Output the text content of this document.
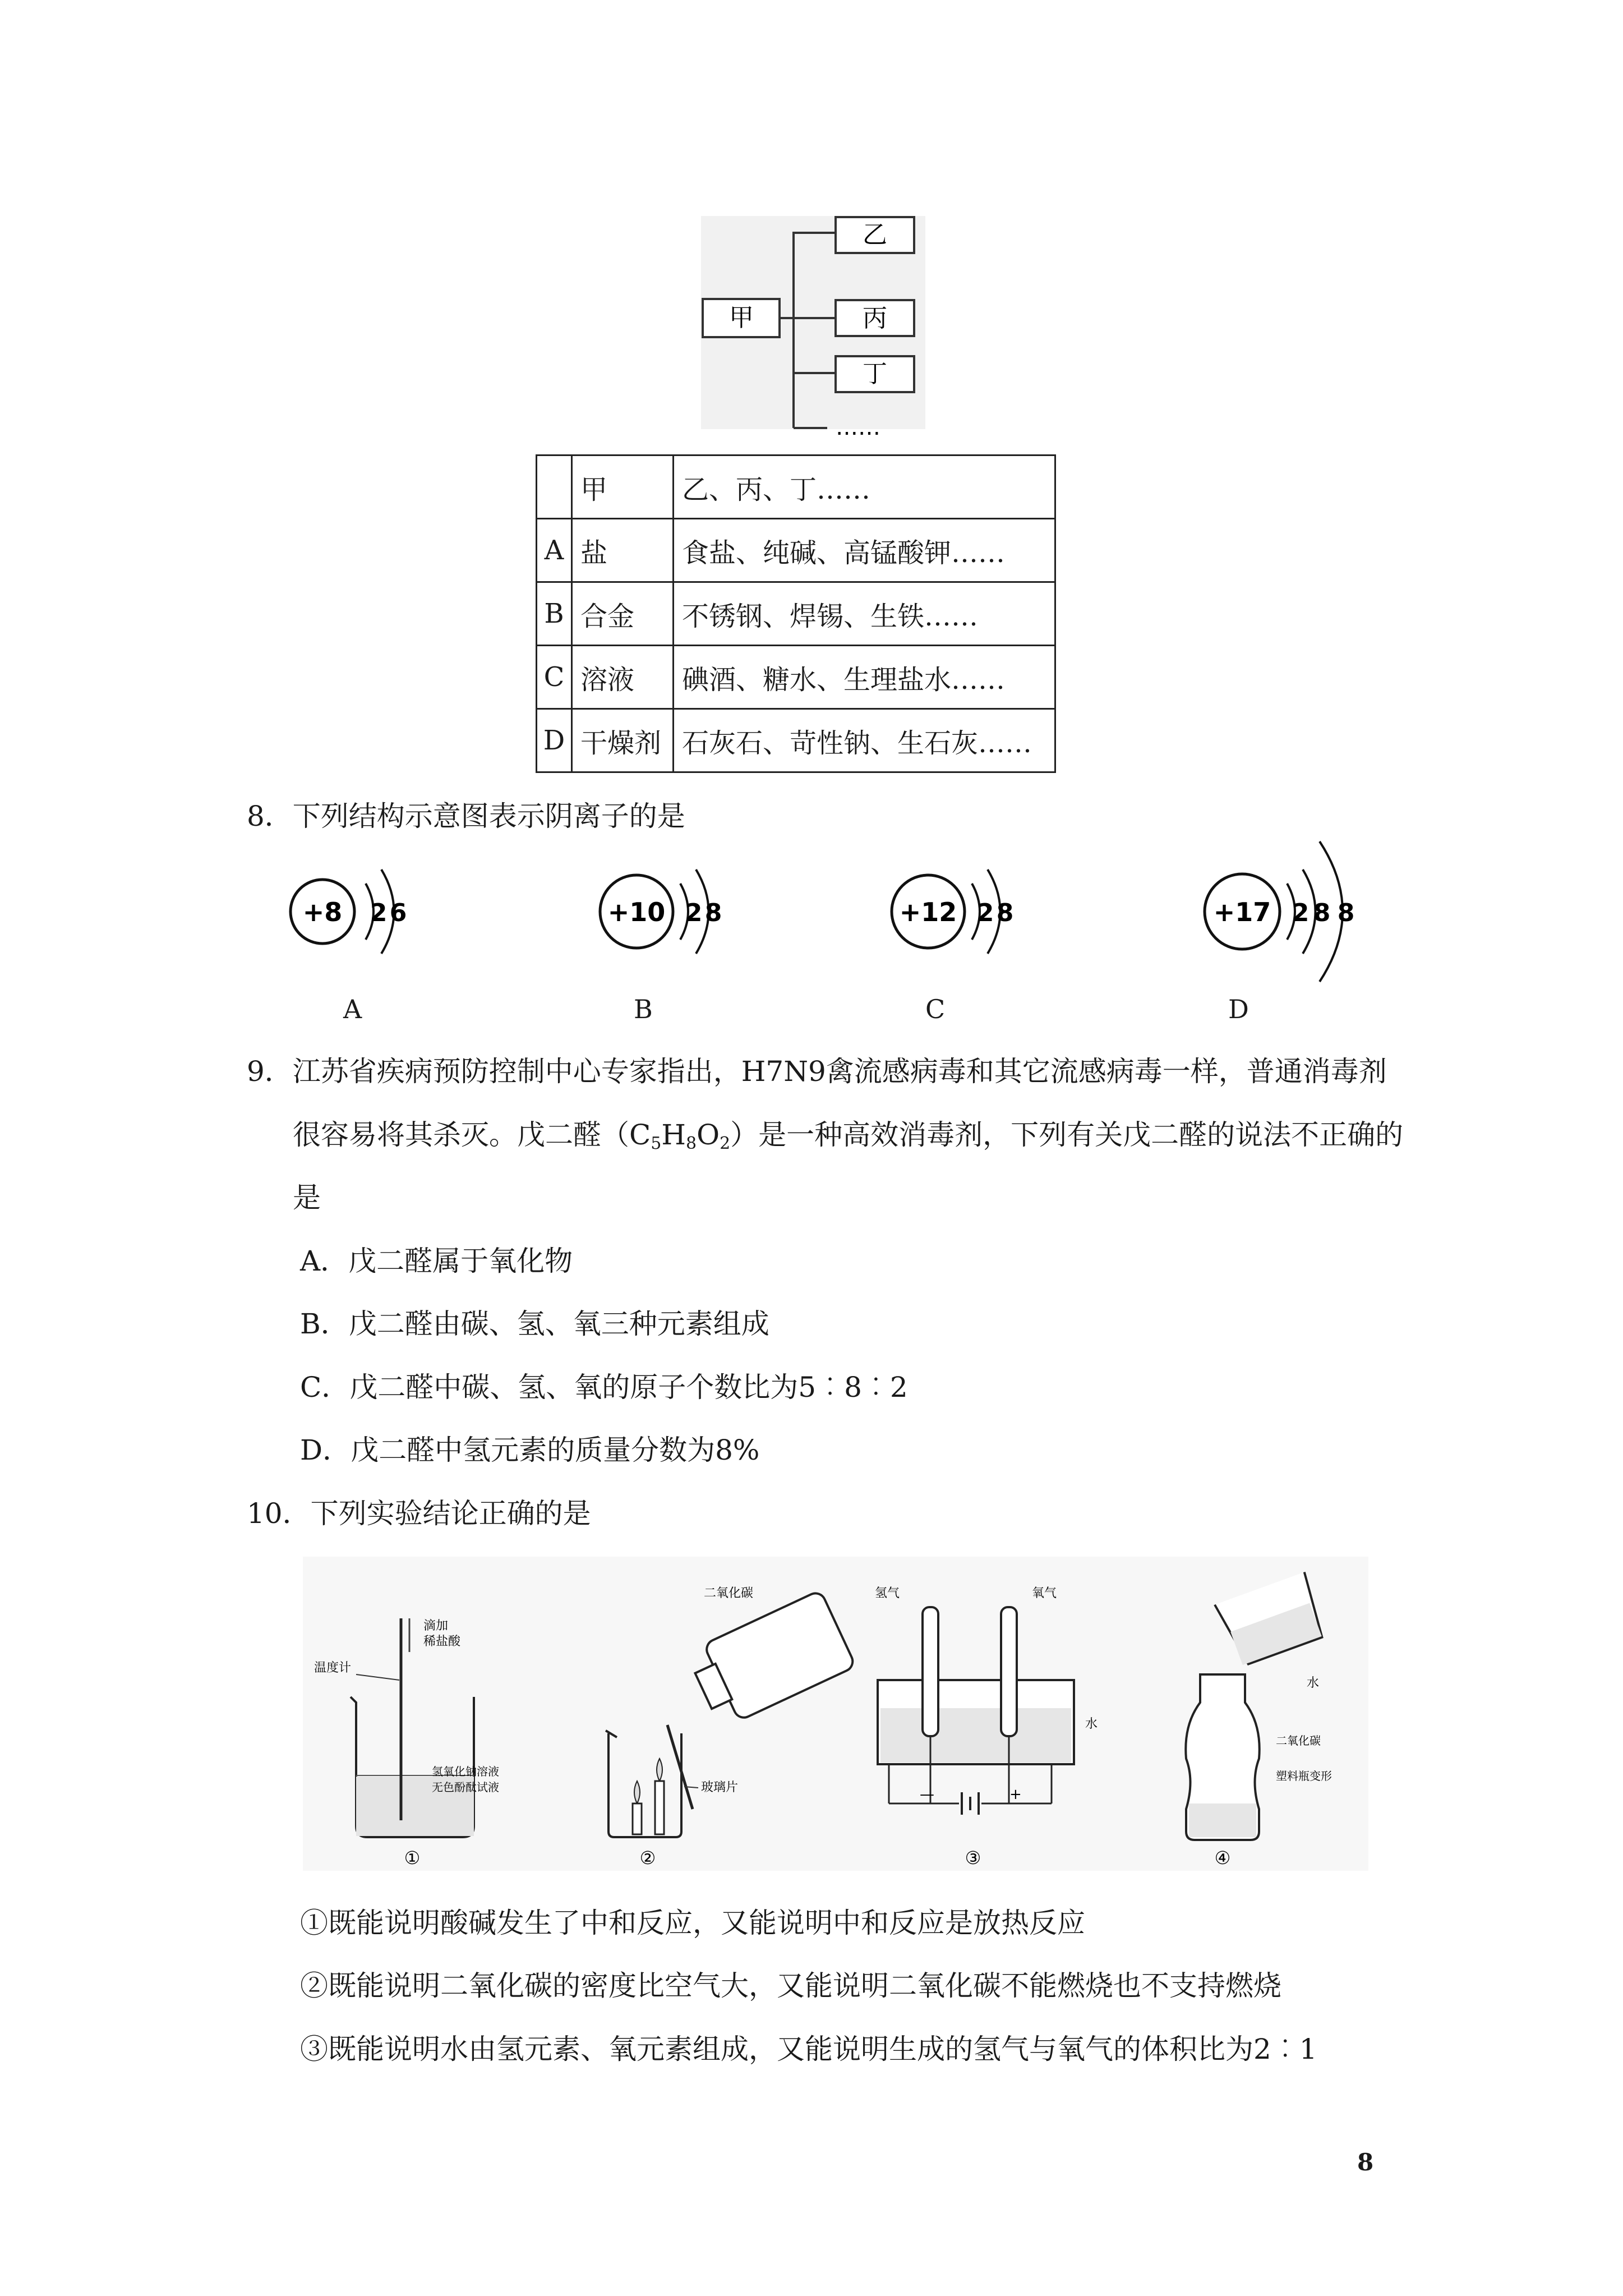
甲
乙
丙
丁
……
	甲	乙、丙、丁……
A	盐	食盐、纯碱、高锰酸钾……
B	合金	不锈钢、焊锡、生铁……
C	溶液	碘酒、糖水、生理盐水……
D	干燥剂	石灰石、苛性钠、生石灰……
8．下列结构示意图表示阴离子的是
+8 2 6	+10 2 8	+12 2 8	+17 2 8 8
A	B	C	D
9．江苏省疾病预防控制中心专家指出，H7N9禽流感病毒和其它流感病毒一样，普通消毒剂
很容易将其杀灭。戊二醛$(C_5H_8O_2)$是一种高效消毒剂，下列有关戊二醛的说法不正确的
是
A．戊二醛属于氧化物
B．戊二醛由碳、氢、氧三种元素组成
C．戊二醛中碳、氢、氧的原子个数比为5︰8︰2
D．戊二醛中氢元素的质量分数为8%
10．下列实验结论正确的是
温度计
滴加
稀盐酸
氢氧化钠溶液
无色酚酞试液
①
二氧化碳
玻璃片
②
氢气	氧气
水
—	+
③
水
二氧化碳
塑料瓶变形
④
①既能说明酸碱发生了中和反应，又能说明中和反应是放热反应
②既能说明二氧化碳的密度比空气大，又能说明二氧化碳不能燃烧也不支持燃烧
③既能说明水由氢元素、氧元素组成，又能说明生成的氢气与氧气的体积比为2︰1
8
